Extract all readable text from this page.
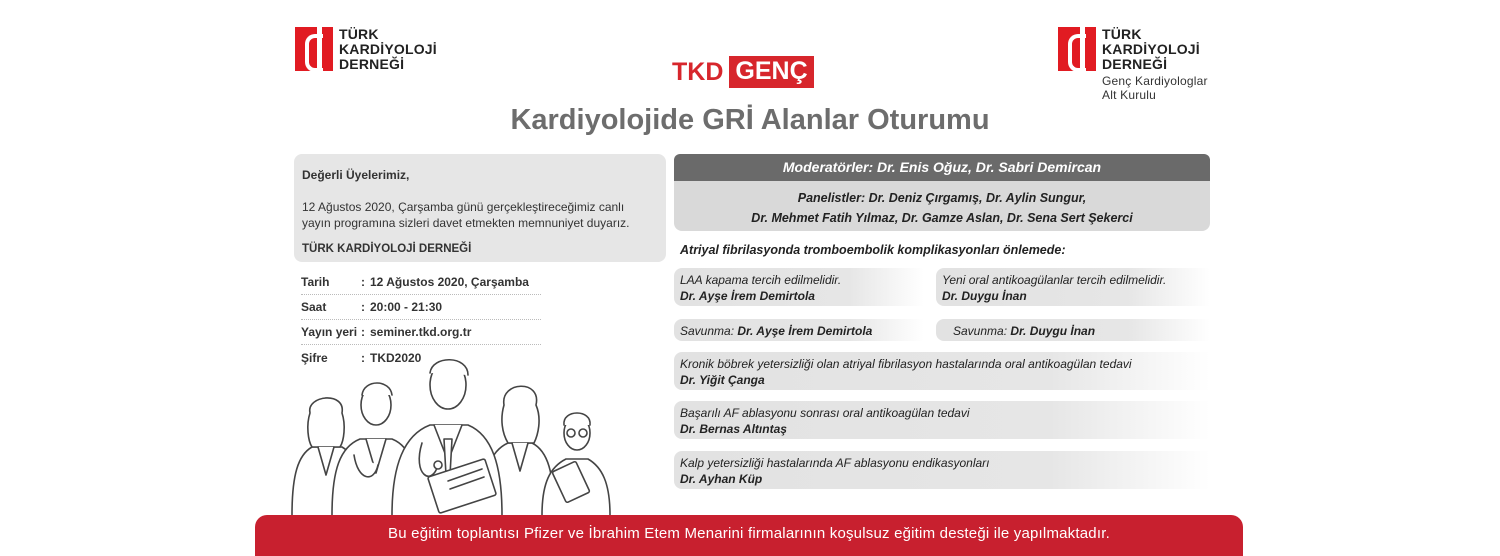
TÜRK
KARDİYOLOJİ
DERNEĞİ
TÜRK
KARDİYOLOJİ
DERNEĞİ
Genç Kardiyologlar
Alt Kurulu
TKD GENÇ
Kardiyolojide GRİ Alanlar Oturumu
Değerli Üyelerimiz,
12 Ağustos 2020, Çarşamba günü gerçekleştireceğimiz canlı
yayın programına sizleri davet etmekten memnuniyet duyarız.
TÜRK KARDİYOLOJİ DERNEĞİ
Tarih	: 12 Ağustos 2020, Çarşamba
Saat	: 20:00 - 21:30
Yayın yeri : seminer.tkd.org.tr
Şifre	: TKD2020
Moderatörler: Dr. Enis Oğuz, Dr. Sabri Demircan
Panelistler: Dr. Deniz Çırgamış, Dr. Aylin Sungur,
Dr. Mehmet Fatih Yılmaz, Dr. Gamze Aslan, Dr. Sena Sert Şekerci
Atriyal fibrilasyonda tromboembolik komplikasyonları önlemede:
LAA kapama tercih edilmelidir.
Dr. Ayşe İrem Demirtola
Yeni oral antikoagülanlar tercih edilmelidir.
Dr. Duygu İnan
Savunma: Dr. Ayşe İrem Demirtola	Savunma: Dr. Duygu İnan
Kronik böbrek yetersizliği olan atriyal fibrilasyon hastalarında oral antikoagülan tedavi
Dr. Yiğit Çanga
Başarılı AF ablasyonu sonrası oral antikoagülan tedavi
Dr. Bernas Altıntaş
Kalp yetersizliği hastalarında AF ablasyonu endikasyonları
Dr. Ayhan Küp
Bu eğitim toplantısı Pfizer ve İbrahim Etem Menarini firmalarının koşulsuz eğitim desteği ile yapılmaktadır.
